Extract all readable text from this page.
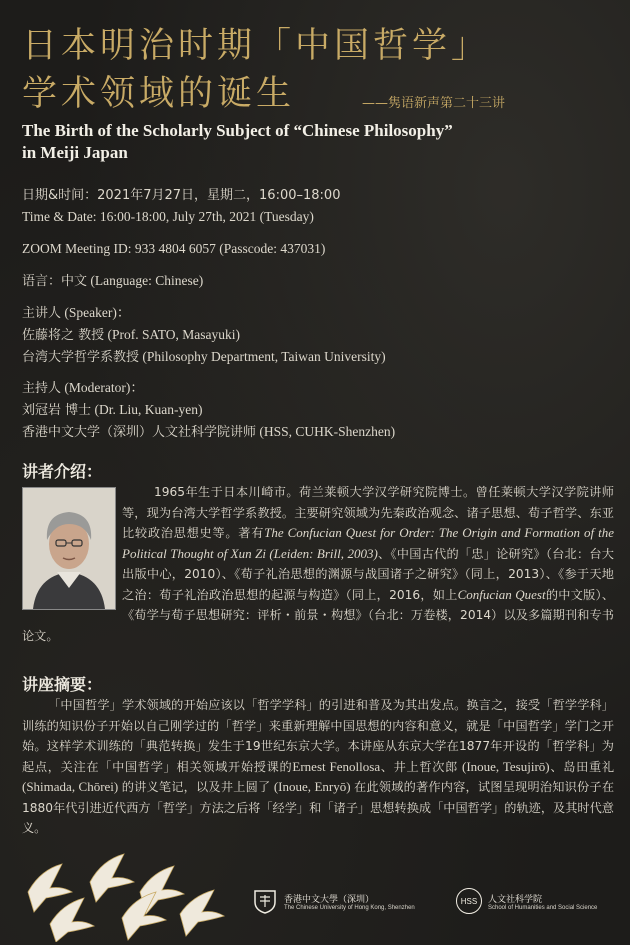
日本明治时期「中国哲学」
学术领域的诞生	——隽语新声第二十三讲
The Birth of the Scholarly Subject of “Chinese Philosophy”
in Meiji Japan
日期&时间：2021年7月27日，星期二，16:00–18:00
Time & Date: 16:00-18:00, July 27th, 2021 (Tuesday)
ZOOM Meeting ID: 933 4804 6057 (Passcode: 437031)
语言：中文 (Language: Chinese)
主讲人 (Speaker)：
佐藤将之 教授 (Prof. SATO, Masayuki)
台湾大学哲学系教授 (Philosophy Department, Taiwan University)
主持人 (Moderator)：
刘冠岩 博士 (Dr. Liu, Kuan-yen)
香港中文大学（深圳）人文社科学院讲师 (HSS, CUHK-Shenzhen)
讲者介绍：
1965年生于日本川崎市。荷兰莱顿大学汉学研究院博士。曾任莱顿大学汉学院讲师等，现为台湾大学哲学系教授。主要研究领域为先秦政治观念、诸子思想、荀子哲学、东亚比较政治思想史等。著有The Confucian Quest for Order: The Origin and Formation of the Political Thought of Xun Zi (Leiden: Brill, 2003)、《中国古代的「忠」论研究》（台北：台大出版中心，2010）、《荀子礼治思想的渊源与战国诸子之研究》（同上，2013）、《参于天地之治：荀子礼治政治思想的起源与构造》（同上，2016，如上Confucian Quest的中文版）、《荀学与荀子思想研究：评析・前景・构想》（台北：万卷楼，2014）以及多篇期刊和专书论文。
讲座摘要：
「中国哲学」学术领域的开始应该以「哲学学科」的引进和普及为其出发点。换言之，接受「哲学学科」训练的知识份子开始以自己刚学过的「哲学」来重新理解中国思想的内容和意义，就是「中国哲学」学门之开始。这样学术训练的「典范转换」发生于19世纪东京大学。本讲座从东京大学在1877年开设的「哲学科」为起点，关注在「中国哲学」相关领域开始授课的Ernest Fenollosa、井上哲次郎 (Inoue, Tesujirō)、岛田重礼 (Shimada, Chōrei) 的讲义笔记，以及井上圆了 (Inoue, Enryō) 在此领域的著作内容，试图呈现明治知识份子在1880年代引进近代西方「哲学」方法之后将「经学」和「诸子」思想转换成「中国哲学」的轨迹，及其时代意义。
香港中文大學（深圳）
The Chinese University of Hong Kong, Shenzhen
HSS	人文社科学院
School of Humanities and Social Science
